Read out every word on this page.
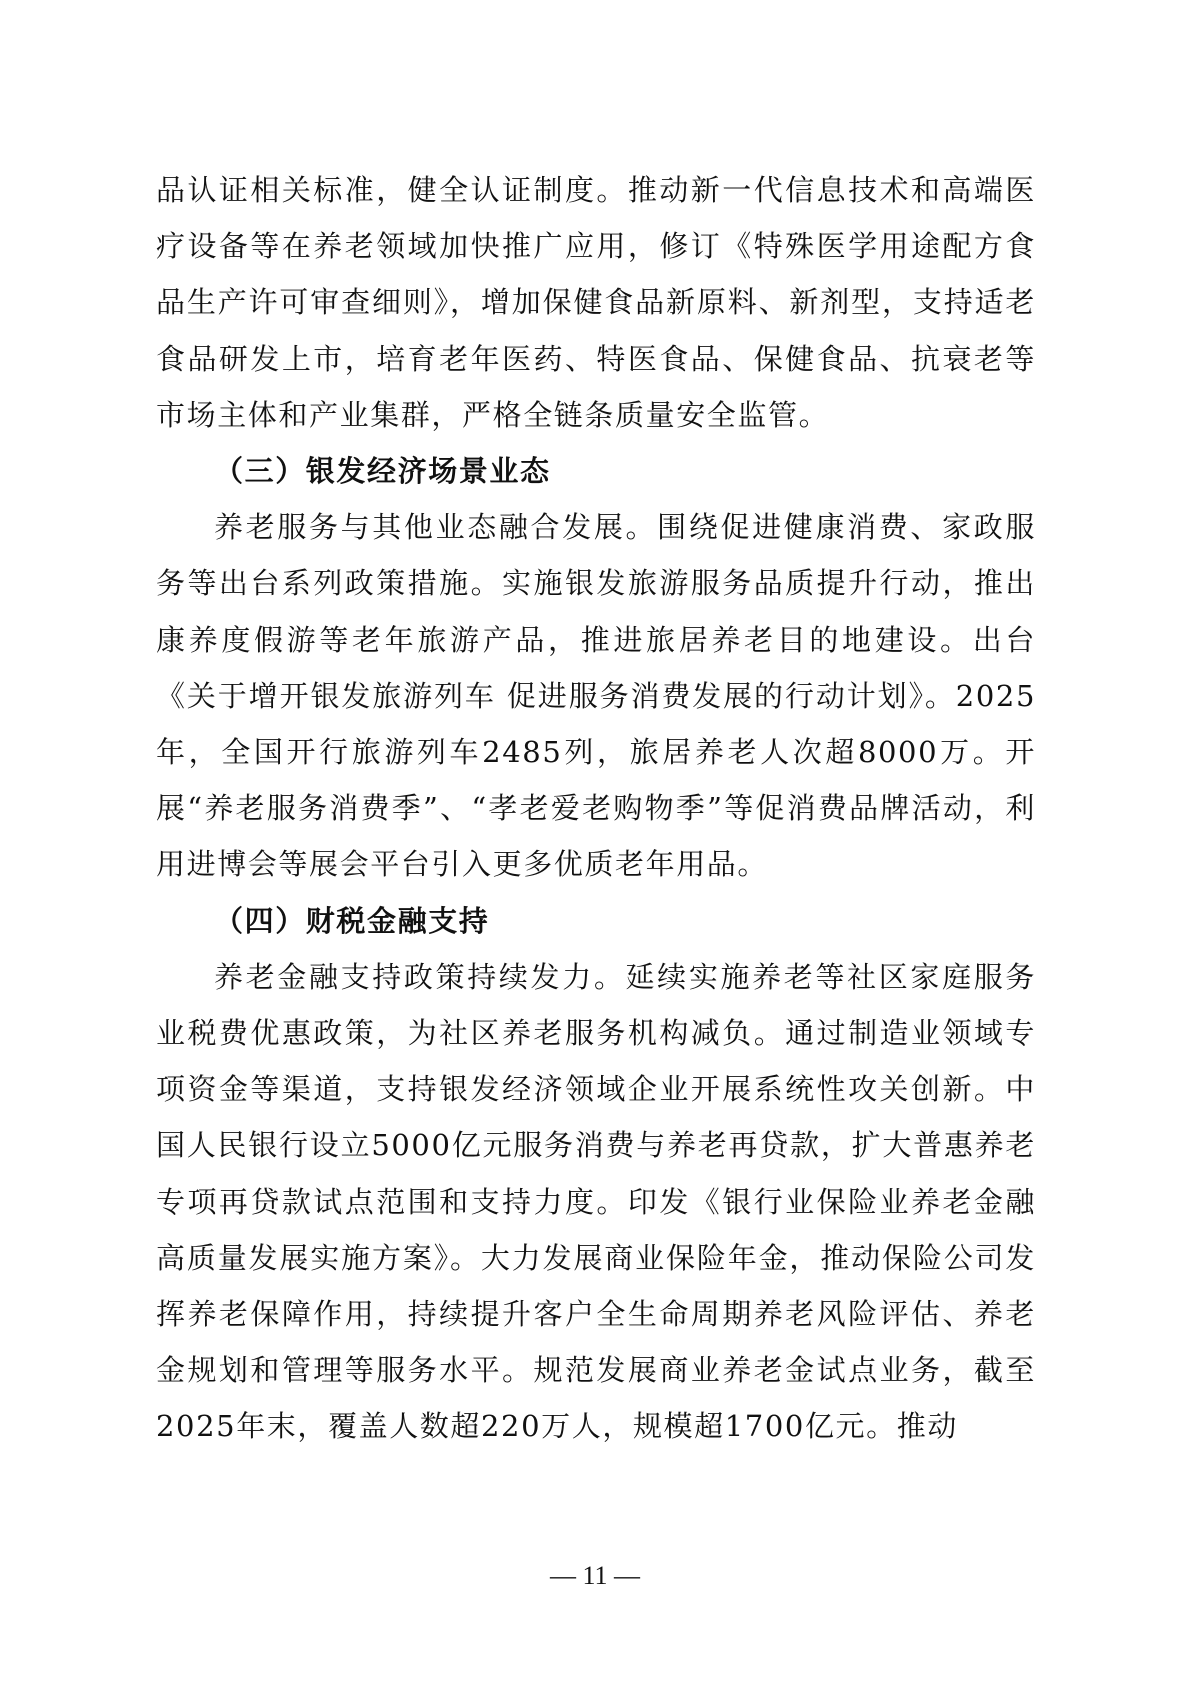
品认证相关标准，健全认证制度。推动新一代信息技术和高端医疗设备等在养老领域加快推广应用，修订《特殊医学用途配方食品生产许可审查细则》，增加保健食品新原料、新剂型，支持适老食品研发上市，培育老年医药、特医食品、保健食品、抗衰老等市场主体和产业集群，严格全链条质量安全监管。

（三）银发经济场景业态

养老服务与其他业态融合发展。围绕促进健康消费、家政服务等出台系列政策措施。实施银发旅游服务品质提升行动，推出康养度假游等老年旅游产品，推进旅居养老目的地建设。出台《关于增开银发旅游列车 促进服务消费发展的行动计划》。2025年，全国开行旅游列车2485列，旅居养老人次超8000万。开展“养老服务消费季”、“孝老爱老购物季”等促消费品牌活动，利用进博会等展会平台引入更多优质老年用品。

（四）财税金融支持

养老金融支持政策持续发力。延续实施养老等社区家庭服务业税费优惠政策，为社区养老服务机构减负。通过制造业领域专项资金等渠道，支持银发经济领域企业开展系统性攻关创新。中国人民银行设立5000亿元服务消费与养老再贷款，扩大普惠养老专项再贷款试点范围和支持力度。印发《银行业保险业养老金融高质量发展实施方案》。大力发展商业保险年金，推动保险公司发挥养老保障作用，持续提升客户全生命周期养老风险评估、养老金规划和管理等服务水平。规范发展商业养老金试点业务，截至2025年末，覆盖人数超220万人，规模超1700亿元。推动

— 11 —
